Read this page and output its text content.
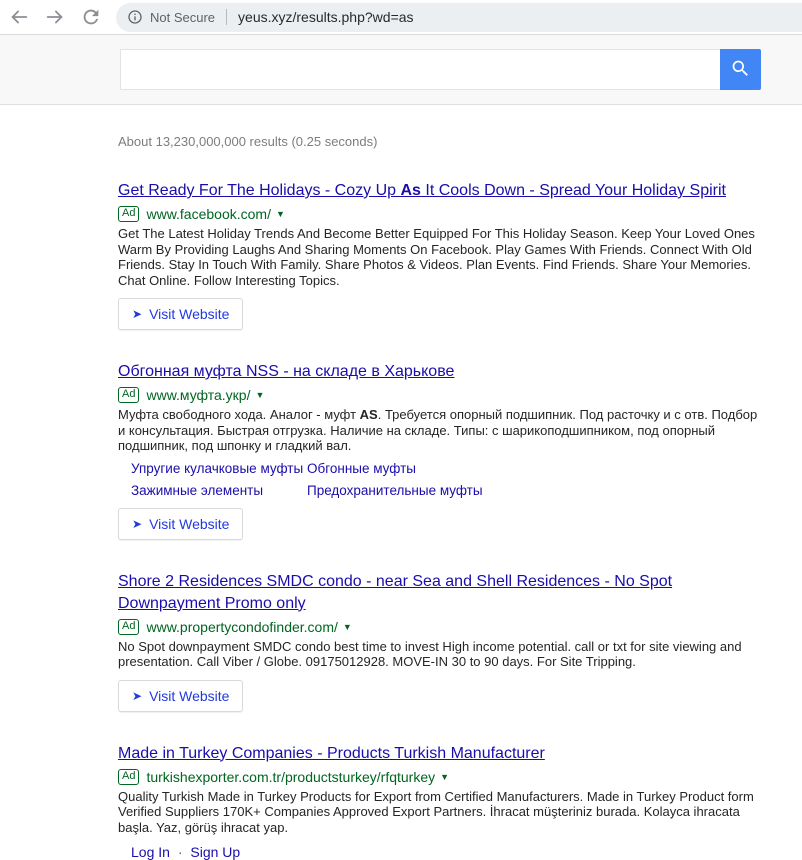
Not Secure yeus.xyz/results.php?wd=as
About 13,230,000,000 results (0.25 seconds)
Get Ready For The Holidays - Cozy Up As It Cools Down - Spread Your Holiday Spirit
Ad www.facebook.com/ ▼
Get The Latest Holiday Trends And Become Better Equipped For This Holiday Season. Keep Your Loved Ones Warm By Providing Laughs And Sharing Moments On Facebook. Play Games With Friends. Connect With Old Friends. Stay In Touch With Family. Share Photos & Videos. Plan Events. Find Friends. Share Your Memories. Chat Online. Follow Interesting Topics.
➤ Visit Website
Обгонная муфта NSS - на складе в Харькове
Ad www.муфта.укр/ ▼
Муфта свободного хода. Аналог - муфт AS. Требуется опорный подшипник. Под расточку и с отв. Подбор и консультация. Быстрая отгрузка. Наличие на складе. Типы: с шарикоподшипником, под опорный подшипник, под шпонку и гладкий вал.
Упругие кулачковые муфты Обгонные муфты
Зажимные элементы	Предохранительные муфты
➤ Visit Website
Shore 2 Residences SMDC condo - near Sea and Shell Residences - No Spot Downpayment Promo only
Ad www.propertycondofinder.com/ ▼
No Spot downpayment SMDC condo best time to invest High income potential. call or txt for site viewing and presentation. Call Viber / Globe. 09175012928. MOVE-IN 30 to 90 days. For Site Tripping.
➤ Visit Website
Made in Turkey Companies - Products Turkish Manufacturer
Ad turkishexporter.com.tr/productsturkey/rfqturkey ▼
Quality Turkish Made in Turkey Products for Export from Certified Manufacturers. Made in Turkey Product form Verified Suppliers 170K+ Companies Approved Export Partners. İhracat müşteriniz burada. Kolayca ihracata başla. Yaz, görüş ihracat yap.
Log In · Sign Up
